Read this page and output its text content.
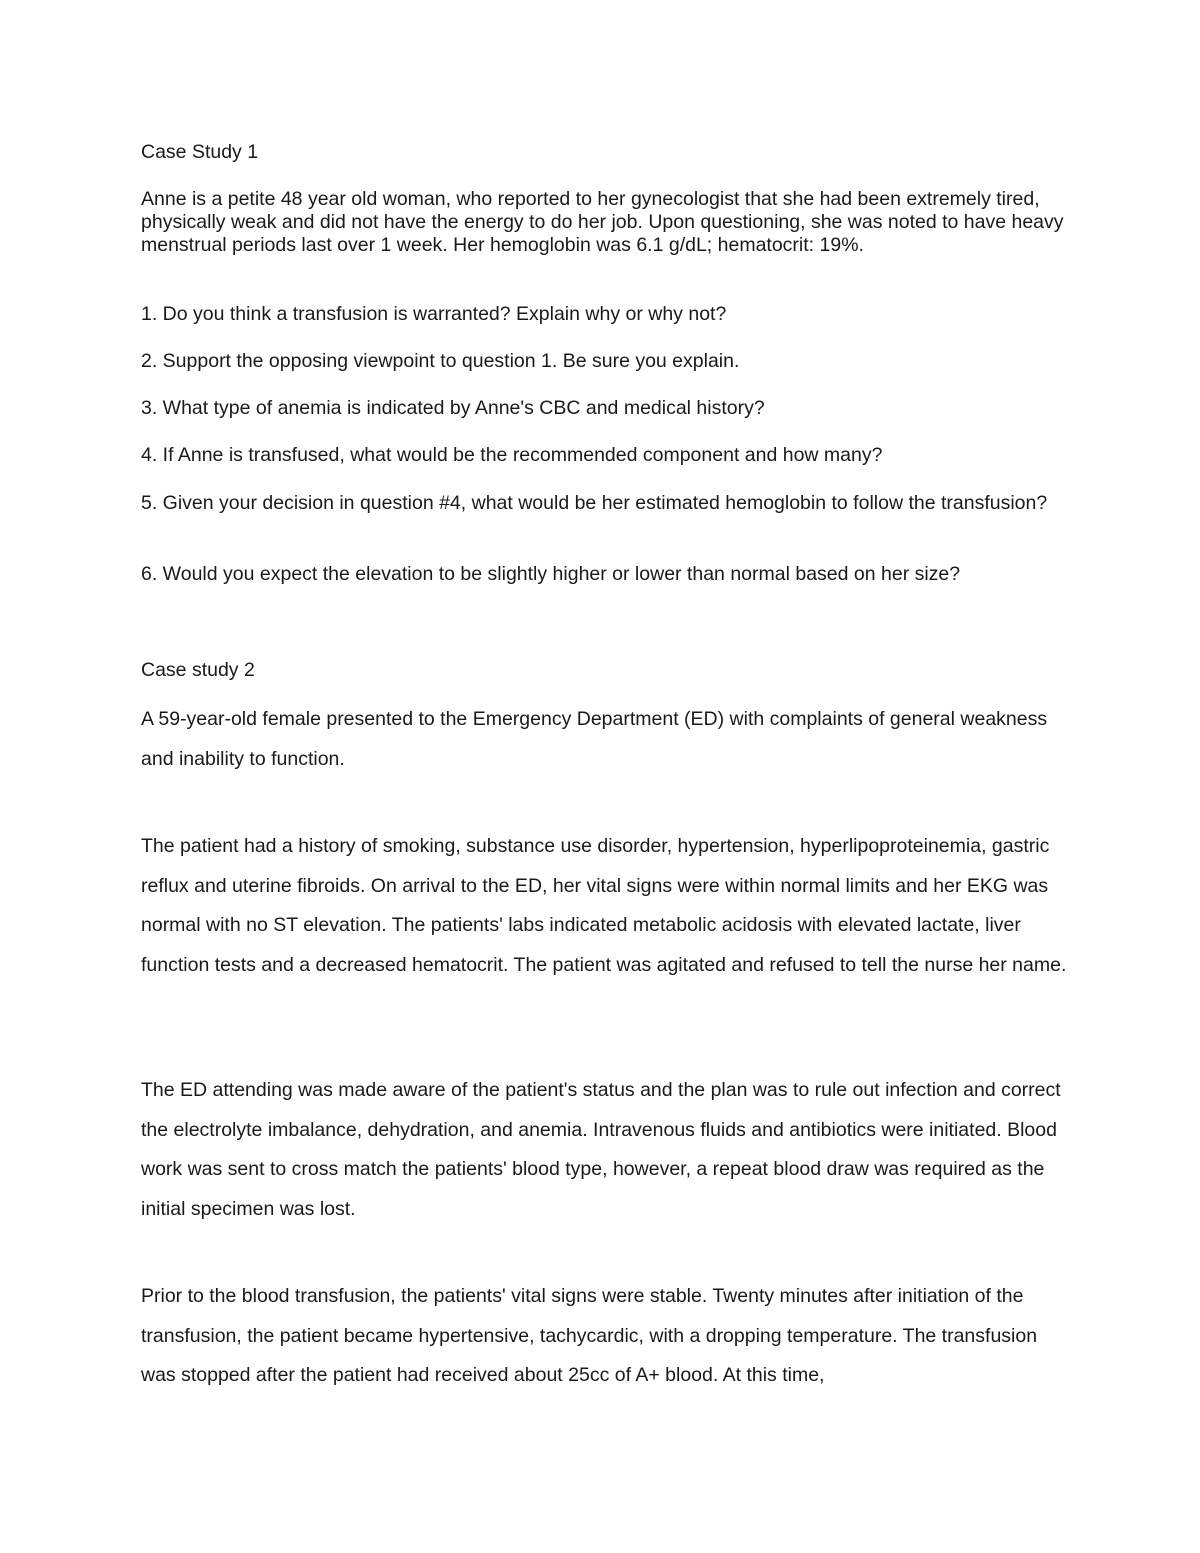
Case Study 1

Anne is a petite 48 year old woman, who reported to her gynecologist that she had been extremely tired, physically weak and did not have the energy to do her job. Upon questioning, she was noted to have heavy menstrual periods last over 1 week. Her hemoglobin was 6.1 g/dL; hematocrit: 19%.

1. Do you think a transfusion is warranted? Explain why or why not?

2. Support the opposing viewpoint to question 1. Be sure you explain.

3. What type of anemia is indicated by Anne's CBC and medical history?

4. If Anne is transfused, what would be the recommended component and how many?

5. Given your decision in question #4, what would be her estimated hemoglobin to follow the transfusion?

6. Would you expect the elevation to be slightly higher or lower than normal based on her size?

Case study 2

A 59-year-old female presented to the Emergency Department (ED) with complaints of general weakness and inability to function.

The patient had a history of smoking, substance use disorder, hypertension, hyperlipoproteinemia, gastric reflux and uterine fibroids. On arrival to the ED, her vital signs were within normal limits and her EKG was normal with no ST elevation. The patients' labs indicated metabolic acidosis with elevated lactate, liver function tests and a decreased hematocrit. The patient was agitated and refused to tell the nurse her name.

The ED attending was made aware of the patient's status and the plan was to rule out infection and correct the electrolyte imbalance, dehydration, and anemia. Intravenous fluids and antibiotics were initiated. Blood work was sent to cross match the patients' blood type, however, a repeat blood draw was required as the initial specimen was lost.

Prior to the blood transfusion, the patients' vital signs were stable. Twenty minutes after initiation of the transfusion, the patient became hypertensive, tachycardic, with a dropping temperature. The transfusion was stopped after the patient had received about 25cc of A+ blood. At this time,
